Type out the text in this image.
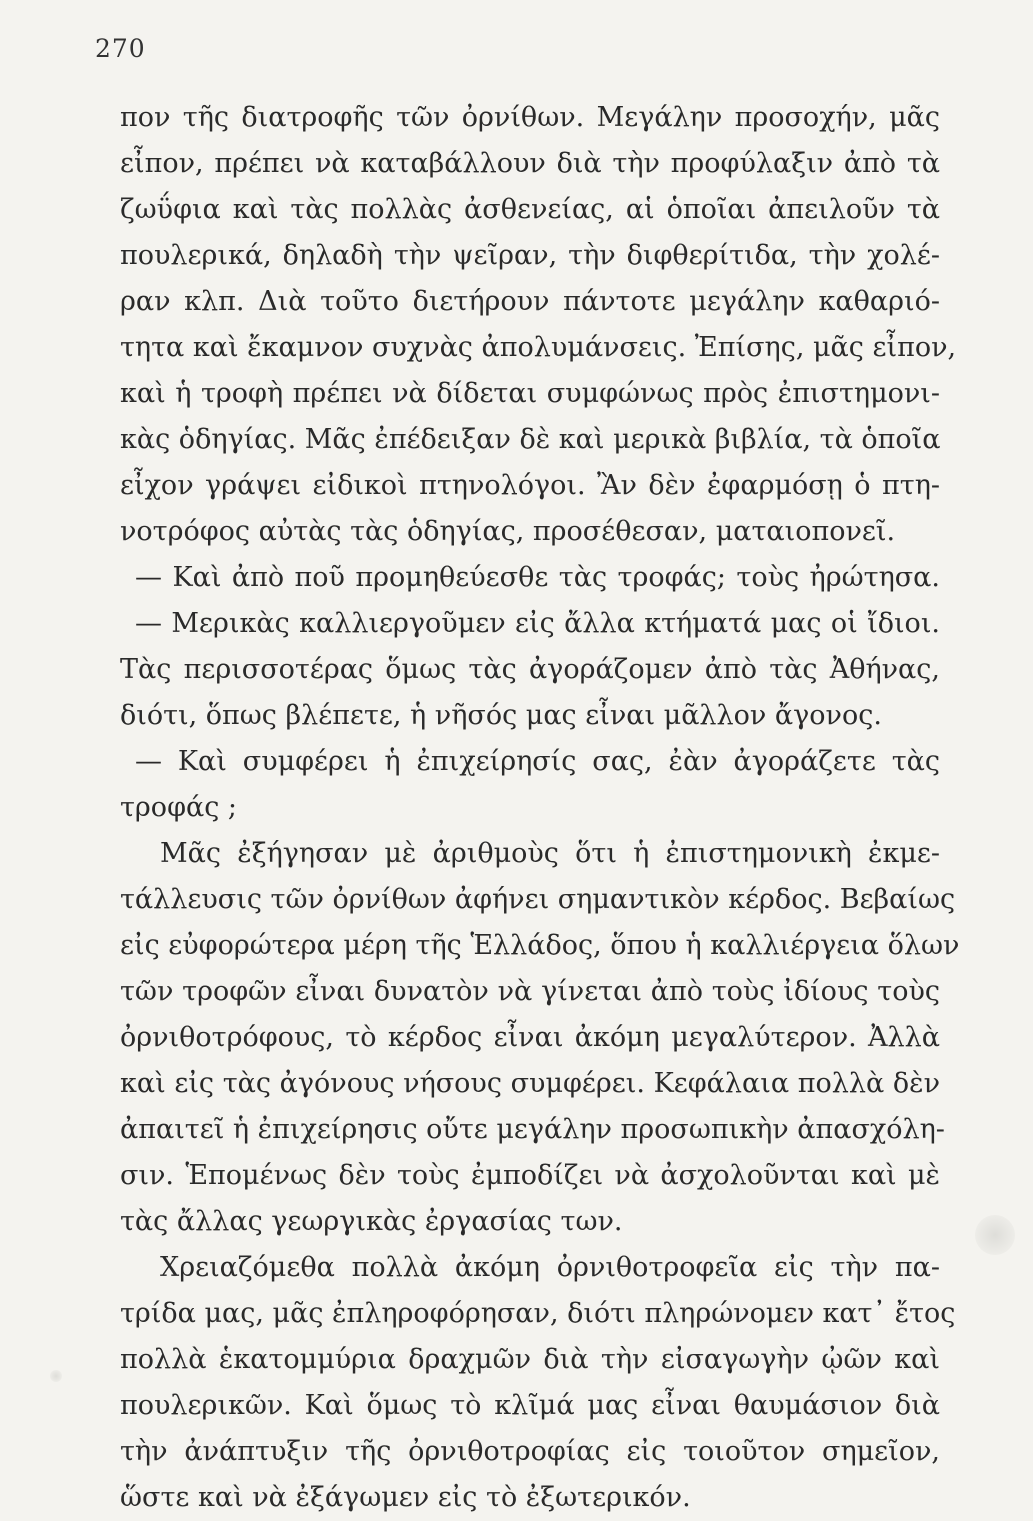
270
πον τῆς διατροφῆς τῶν ὀρνίθων. Μεγάλην προσοχήν, μᾶς
εἶπον, πρέπει νὰ καταβάλλουν διὰ τὴν προφύλαξιν ἀπὸ τὰ
ζωΰφια καὶ τὰς πολλὰς ἀσθενείας, αἱ ὁποῖαι ἀπειλοῦν τὰ
πουλερικά, δηλαδὴ τὴν ψεῖραν, τὴν διφθερίτιδα, τὴν χολέ-
ραν κλπ. Διὰ τοῦτο διετήρουν πάντοτε μεγάλην καθαριό-
τητα καὶ ἔκαμνον συχνὰς ἀπολυμάνσεις. Ἐπίσης, μᾶς εἶπον,
καὶ ἡ τροφὴ πρέπει νὰ δίδεται συμφώνως πρὸς ἐπιστημονι-
κὰς ὁδηγίας. Μᾶς ἐπέδειξαν δὲ καὶ μερικὰ βιβλία, τὰ ὁποῖα
εἶχον γράψει εἰδικοὶ πτηνολόγοι. Ἂν δὲν ἐφαρμόσῃ ὁ πτη-
νοτρόφος αὐτὰς τὰς ὁδηγίας, προσέθεσαν, ματαιοπονεῖ.
— Καὶ ἀπὸ ποῦ προμηθεύεσθε τὰς τροφάς; τοὺς ἠρώτησα.
— Μερικὰς καλλιεργοῦμεν εἰς ἄλλα κτήματά μας οἱ ἴδιοι.
Τὰς περισσοτέρας ὅμως τὰς ἀγοράζομεν ἀπὸ τὰς Ἀθήνας,
διότι, ὅπως βλέπετε, ἡ νῆσός μας εἶναι μᾶλλον ἄγονος.
— Καὶ συμφέρει ἡ ἐπιχείρησίς σας, ἐὰν ἀγοράζετε τὰς
τροφάς ;
Μᾶς ἐξήγησαν μὲ ἀριθμοὺς ὅτι ἡ ἐπιστημονικὴ ἐκμε-
τάλλευσις τῶν ὀρνίθων ἀφήνει σημαντικὸν κέρδος. Βεβαίως
εἰς εὐφορώτερα μέρη τῆς Ἑλλάδος, ὅπου ἡ καλλιέργεια ὅλων
τῶν τροφῶν εἶναι δυνατὸν νὰ γίνεται ἀπὸ τοὺς ἰδίους τοὺς
ὀρνιθοτρόφους, τὸ κέρδος εἶναι ἀκόμη μεγαλύτερον. Ἀλλὰ
καὶ εἰς τὰς ἀγόνους νήσους συμφέρει. Κεφάλαια πολλὰ δὲν
ἀπαιτεῖ ἡ ἐπιχείρησις οὔτε μεγάλην προσωπικὴν ἀπασχόλη-
σιν. Ἑπομένως δὲν τοὺς ἐμποδίζει νὰ ἀσχολοῦνται καὶ μὲ
τὰς ἄλλας γεωργικὰς ἐργασίας των.
Χρειαζόμεθα πολλὰ ἀκόμη ὀρνιθοτροφεῖα εἰς τὴν πα-
τρίδα μας, μᾶς ἐπληροφόρησαν, διότι πληρώνομεν κατ᾽ ἔτος
πολλὰ ἑκατομμύρια δραχμῶν διὰ τὴν εἰσαγωγὴν ᾠῶν καὶ
πουλερικῶν. Καὶ ὅμως τὸ κλῖμά μας εἶναι θαυμάσιον διὰ
τὴν ἀνάπτυξιν τῆς ὀρνιθοτροφίας εἰς τοιοῦτον σημεῖον,
ὥστε καὶ νὰ ἐξάγωμεν εἰς τὸ ἐξωτερικόν.
